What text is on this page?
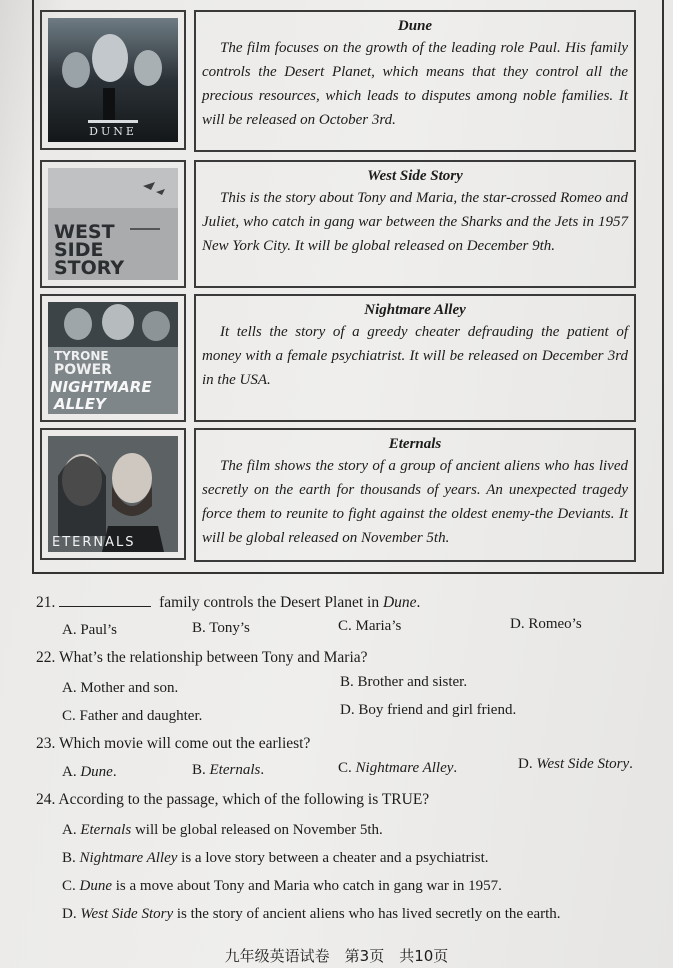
DUNE
Dune
The film focuses on the growth of the leading role Paul. His family controls the Desert Planet, which means that they control all the precious resources, which leads to disputes among noble families. It will be released on October 3rd.
WEST
SIDE
STORY
West Side Story
This is the story about Tony and Maria, the star-crossed Romeo and Juliet, who catch in gang war between the Sharks and the Jets in 1957 New York City. It will be global released on December 9th.
TYRONE
POWER
NIGHTMARE
ALLEY
Nightmare Alley
It tells the story of a greedy cheater defrauding the patient of money with a female psychiatrist. It will be released on December 3rd in the USA.
ETERNALS
Eternals
The film shows the story of a group of ancient aliens who has lived secretly on the earth for thousands of years. An unexpected tragedy force them to reunite to fight against the oldest enemy-the Deviants. It will be global released on November 5th.
21.	family controls the Desert Planet in Dune.
A. Paul’s	B. Tony’s	C. Maria’s	D. Romeo’s
22. What’s the relationship between Tony and Maria?
A. Mother and son.	B. Brother and sister.
C. Father and daughter.	D. Boy friend and girl friend.
23. Which movie will come out the earliest?
A. Dune.	B. Eternals.	C. Nightmare Alley.	D. West Side Story.
24. According to the passage, which of the following is TRUE?
A. Eternals will be global released on November 5th.
B. Nightmare Alley is a love story between a cheater and a psychiatrist.
C. Dune is a move about Tony and Maria who catch in gang war in 1957.
D. West Side Story is the story of ancient aliens who has lived secretly on the earth.
九年级英语试卷　第3页　共10页
